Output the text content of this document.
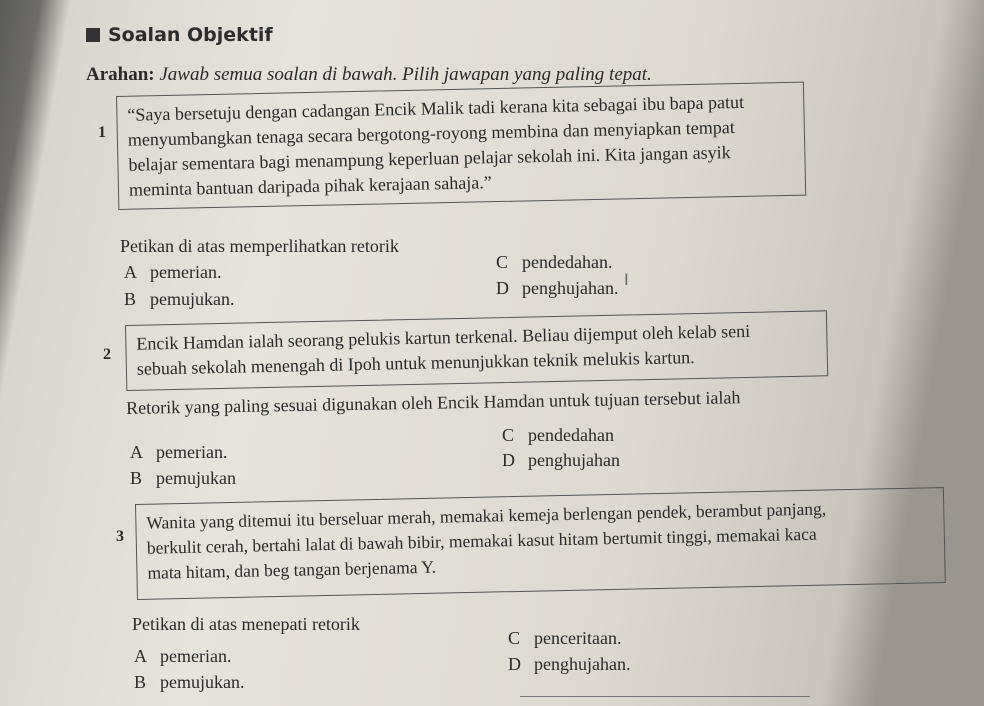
Soalan Objektif
Arahan: Jawab semua soalan di bawah. Pilih jawapan yang paling tepat.
1
“Saya bersetuju dengan cadangan Encik Malik tadi kerana kita sebagai ibu bapa patut
menyumbangkan tenaga secara bergotong-royong membina dan menyiapkan tempat
belajar sementara bagi menampung keperluan pelajar sekolah ini. Kita jangan asyik
meminta bantuan daripada pihak kerajaan sahaja.”
Petikan di atas memperlihatkan retorik
A pemerian.
B pemujukan.
C pendedahan.
D penghujahan. Ⅰ
2
Encik Hamdan ialah seorang pelukis kartun terkenal. Beliau dijemput oleh kelab seni
sebuah sekolah menengah di Ipoh untuk menunjukkan teknik melukis kartun.
Retorik yang paling sesuai digunakan oleh Encik Hamdan untuk tujuan tersebut ialah
A pemerian.
B pemujukan
C pendedahan
D penghujahan
3
Wanita yang ditemui itu berseluar merah, memakai kemeja berlengan pendek, berambut panjang,
berkulit cerah, bertahi lalat di bawah bibir, memakai kasut hitam bertumit tinggi, memakai kaca
mata hitam, dan beg tangan berjenama Y.
Petikan di atas menepati retorik
A pemerian.
B pemujukan.
C penceritaan.
D penghujahan.
